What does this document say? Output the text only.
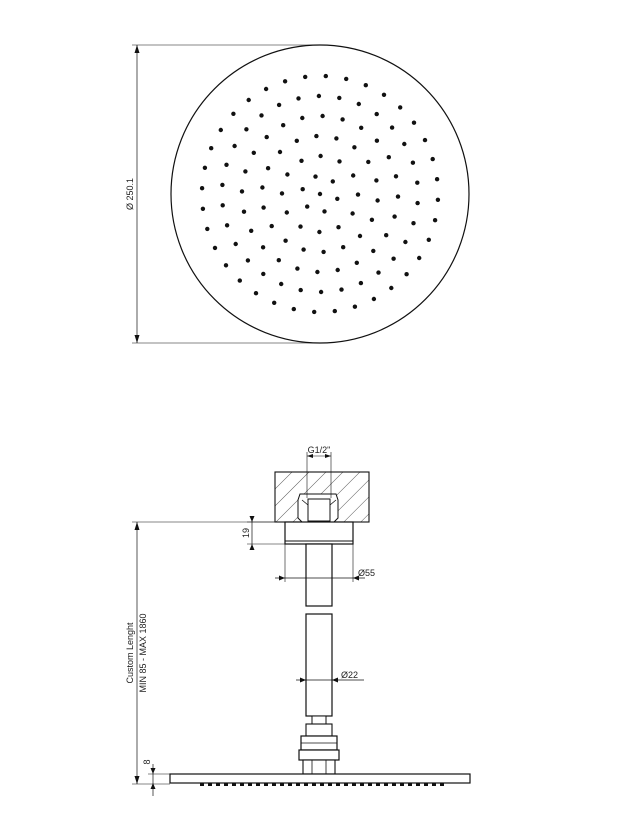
Ø 250.1
G1/2"
19
Ø55
Ø22
Custom Lenght MIN 85 - MAX 1860
8
